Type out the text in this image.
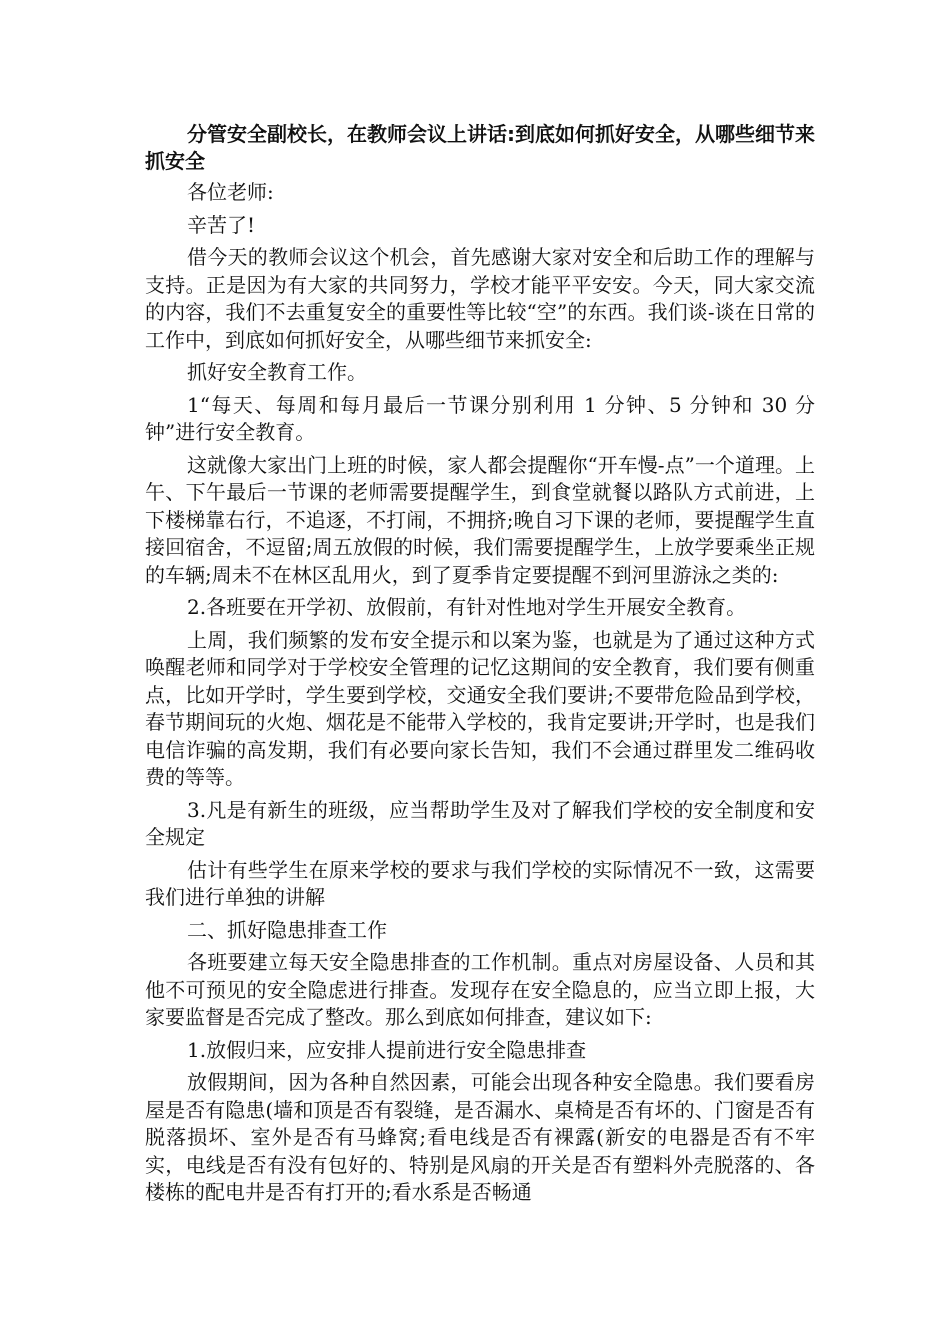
分管安全副校长，在教师会议上讲话:到底如何抓好安全，从哪些细节来抓安全

各位老师:

辛苦了!

借今天的教师会议这个机会，首先感谢大家对安全和后助工作的理解与支持。正是因为有大家的共同努力，学校才能平平安安。今天，同大家交流的内容，我们不去重复安全的重要性等比较“空”的东西。我们谈-谈在日常的工作中，到底如何抓好安全，从哪些细节来抓安全:

抓好安全教育工作。

1“每天、每周和每月最后一节课分别利用 1 分钟、5 分钟和 30 分钟”进行安全教育。

这就像大家出门上班的时候，家人都会提醒你“开车慢-点”一个道理。上午、下午最后一节课的老师需要提醒学生，到食堂就餐以路队方式前进，上下楼梯靠右行，不追逐，不打闹，不拥挤;晚自习下课的老师，要提醒学生直接回宿舍，不逗留;周五放假的时候，我们需要提醒学生，上放学要乘坐正规的车辆;周未不在林区乱用火，到了夏季肯定要提醒不到河里游泳之类的:

2.各班要在开学初、放假前，有针对性地对学生开展安全教育。

上周，我们频繁的发布安全提示和以案为鉴，也就是为了通过这种方式唤醒老师和同学对于学校安全管理的记忆这期间的安全教育，我们要有侧重点，比如开学时，学生要到学校，交通安全我们要讲;不要带危险品到学校，春节期间玩的火炮、烟花是不能带入学校的，我肯定要讲;开学时，也是我们电信诈骗的高发期，我们有必要向家长告知，我们不会通过群里发二维码收费的等等。

3.凡是有新生的班级，应当帮助学生及对了解我们学校的安全制度和安全规定

估计有些学生在原来学校的要求与我们学校的实际情况不一致，这需要我们进行单独的讲解

二、抓好隐患排查工作

各班要建立每天安全隐患排查的工作机制。重点对房屋设备、人员和其他不可预见的安全隐虑进行排查。发现存在安全隐息的，应当立即上报，大家要监督是否完成了整改。那么到底如何排查，建议如下:

1.放假归来，应安排人提前进行安全隐患排查

放假期间，因为各种自然因素，可能会出现各种安全隐患。我们要看房屋是否有隐患(墙和顶是否有裂缝，是否漏水、桌椅是否有坏的、门窗是否有脱落损坏、室外是否有马蜂窝;看电线是否有裸露(新安的电器是否有不牢实，电线是否有没有包好的、特别是风扇的开关是否有塑料外壳脱落的、各楼栋的配电井是否有打开的;看水系是否畅通
